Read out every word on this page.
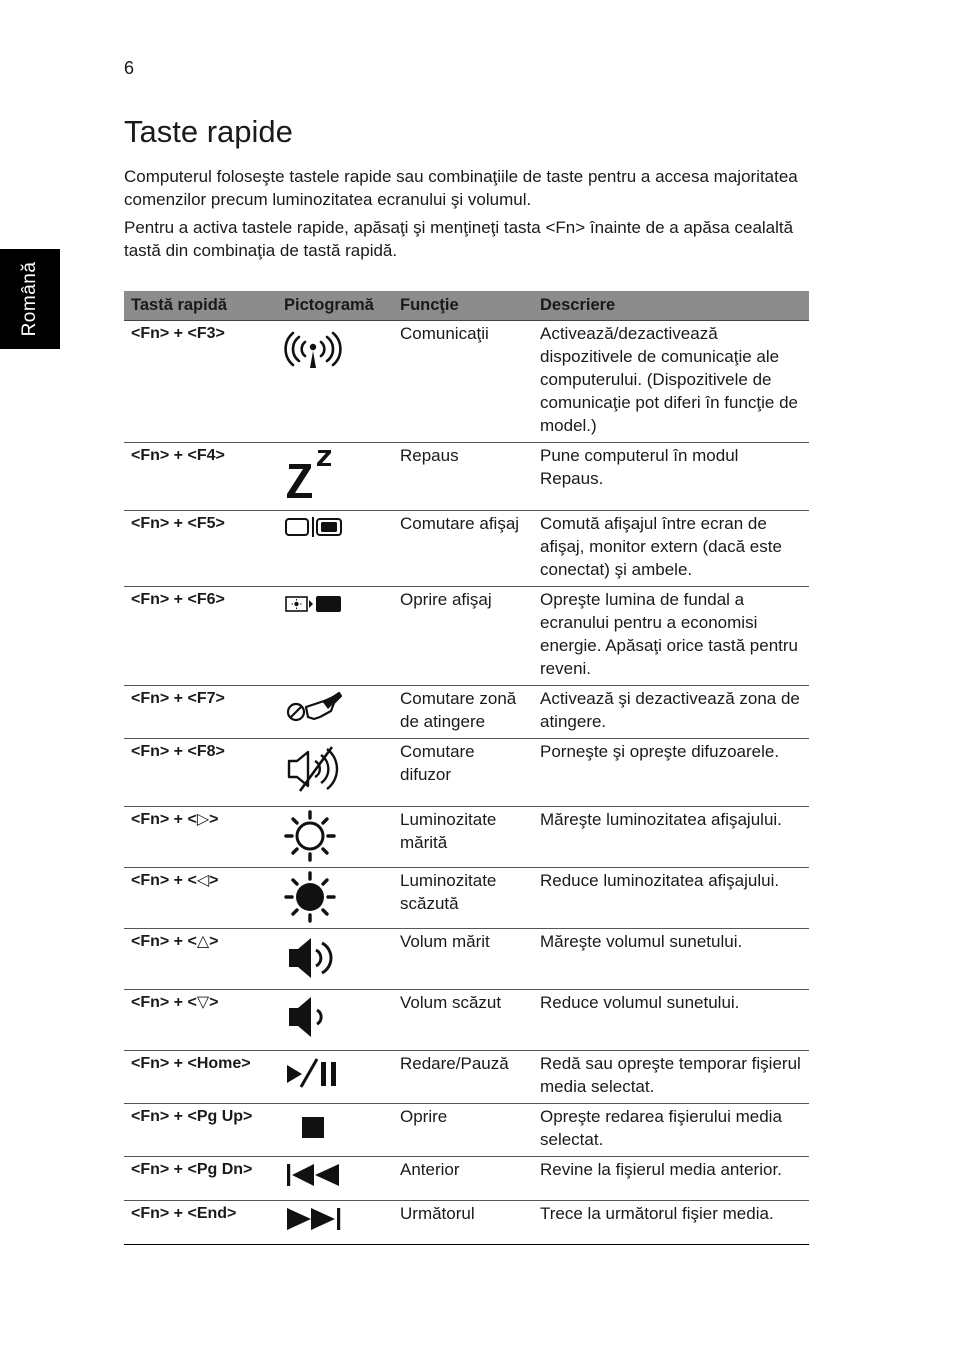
6
Română
Taste rapide

Computerul foloseşte tastele rapide sau combinaţiile de taste pentru a accesa majoritatea comenzilor precum luminozitatea ecranului şi volumul.

Pentru a activa tastele rapide, apăsaţi şi menţineţi tasta <Fn> înainte de a apăsa cealaltă tastă din combinaţia de tastă rapidă.

Tastă rapidă	Pictogramă	Funcţie	Descriere
<Fn> + <F3>		Comunicaţii	Activează/dezactivează dispozitivele de comunicaţie ale computerului. (Dispozitivele de comunicaţie pot diferi în funcţie de model.)
<Fn> + <F4>		Repaus	Pune computerul în modul Repaus.
<Fn> + <F5>		Comutare afişaj	Comută afişajul între ecran de afişaj, monitor extern (dacă este conectat) şi ambele.
<Fn> + <F6>		Oprire afişaj	Opreşte lumina de fundal a ecranului pentru a economisi energie. Apăsaţi orice tastă pentru reveni.
<Fn> + <F7>		Comutare zonă de atingere	Activează şi dezactivează zona de atingere.
<Fn> + <F8>		Comutare difuzor	Porneşte şi opreşte difuzoarele.
<Fn> + <▷>		Luminozitate mărită	Măreşte luminozitatea afişajului.
<Fn> + <◁>		Luminozitate scăzută	Reduce luminozitatea afişajului.
<Fn> + <△>		Volum mărit	Măreşte volumul sunetului.
<Fn> + <▽>		Volum scăzut	Reduce volumul sunetului.
<Fn> + <Home>		Redare/Pauză	Redă sau opreşte temporar fişierul media selectat.
<Fn> + <Pg Up>		Oprire	Opreşte redarea fişierului media selectat.
<Fn> + <Pg Dn>		Anterior	Revine la fişierul media anterior.
<Fn> + <End>		Următorul	Trece la următorul fişier media.
